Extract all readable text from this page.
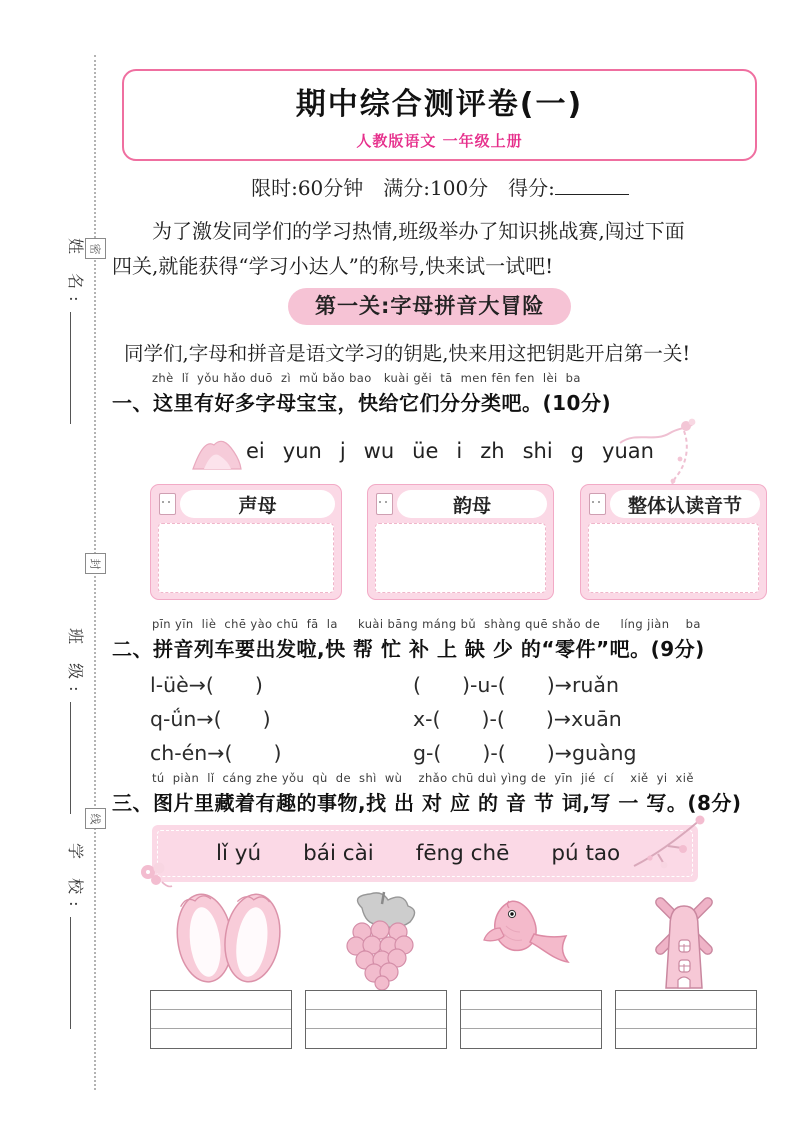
姓 名:
班 级:
学 校:
密
封
线
期中综合测评卷(一)
人教版语文 一年级上册
限时:60分钟　满分:100分　得分:
为了激发同学们的学习热情,班级举办了知识挑战赛,闯过下面
四关,就能获得“学习小达人”的称号,快来试一试吧!
第一关:字母拼音大冒险
同学们,字母和拼音是语文学习的钥匙,快来用这把钥匙开启第一关!
zhè  lǐ  yǒu hǎo duō  zì  mǔ bǎo bao   kuài gěi  tā  men fēn fen  lèi  ba
一、这里有好多字母宝宝，快给它们分分类吧。(10分)
ei yun j wu üe i zh shi g yuan
声母	韵母	整体认读音节
pīn yīn  liè  chē yào chū  fā  la     kuài bāng máng bǔ  shàng quē shǎo de     líng jiàn    ba
二、拼音列车要出发啦,快 帮 忙 补 上 缺 少 的“零件”吧。(9分)
l-üè→(　　)	(　　)-u-(　　)→ruǎn
q-ǘn→(　　)	x-(　　)-(　　)→xuān
ch-én→(　　)	g-(　　)-(　　)→guàng
tú  piàn  lǐ  cáng zhe yǒu  qù  de  shì  wù    zhǎo chū duì yìng de  yīn  jié  cí    xiě  yi  xiě
三、图片里藏着有趣的事物,找 出 对 应 的 音 节 词,写 一 写。(8分)
lǐ yú bái cài fēng chē pú tao
